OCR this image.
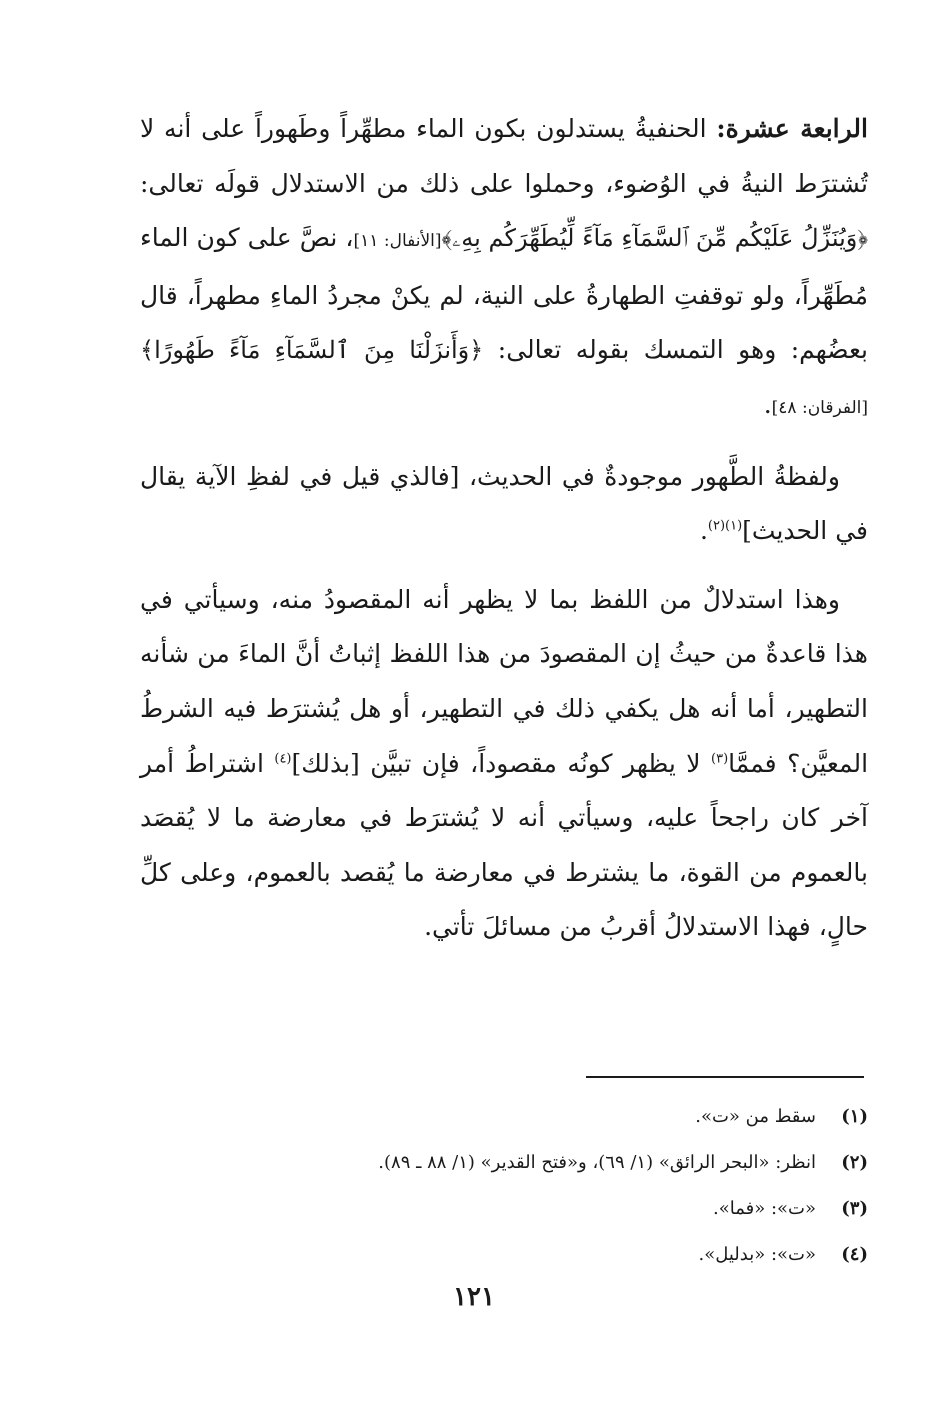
الرابعة عشرة: الحنفيةُ يستدلون بكون الماء مطهِّراً وطَهوراً على أنه لا تُشترَط النيةُ في الوُضوء، وحملوا على ذلك من الاستدلال قولَه تعالى: ﴿وَيُنَزِّلُ عَلَيْكُم مِّنَ ٱلسَّمَآءِ مَآءً لِّيُطَهِّرَكُم بِهِۦ﴾[الأنفال: ١١]، نصَّ على كون الماء مُطَهِّراً، ولو توقفتِ الطهارةُ على النية، لم يكنْ مجردُ الماءِ مطهراً، قال بعضُهم: وهو التمسك بقوله تعالى: ﴿وَأَنزَلْنَا مِنَ ٱلسَّمَآءِ مَآءً طَهُورًا﴾[الفرقان: ٤٨].

ولفظةُ الطَّهور موجودةٌ في الحديث، [فالذي قيل في لفظِ الآية يقال في الحديث]$^{(١)(٢)}$.

وهذا استدلالٌ من اللفظ بما لا يظهر أنه المقصودُ منه، وسيأتي في هذا قاعدةٌ من حيثُ إن المقصودَ من هذا اللفظ إثباتُ أنَّ الماءَ من شأنه التطهير، أما أنه هل يكفي ذلك في التطهير، أو هل يُشترَط فيه الشرطُ المعيَّن؟ فممَّا$^{(٣)}$ لا يظهر كونُه مقصوداً، فإن تبيَّن [بذلك]$^{(٤)}$ اشتراطُ أمر آخر كان راجحاً عليه، وسيأتي أنه لا يُشترَط في معارضة ما لا يُقصَد بالعموم من القوة، ما يشترط في معارضة ما يُقصد بالعموم، وعلى كلِّ حالٍ، فهذا الاستدلالُ أقربُ من مسائلَ تأتي.

(١)سقط من «ت».
(٢)انظر: «البحر الرائق» (١/ ٦٩)، و«فتح القدير» (١/ ٨٨ ـ ٨٩).
(٣)«ت»: «فما».
(٤)«ت»: «بدليل».
١٢١
